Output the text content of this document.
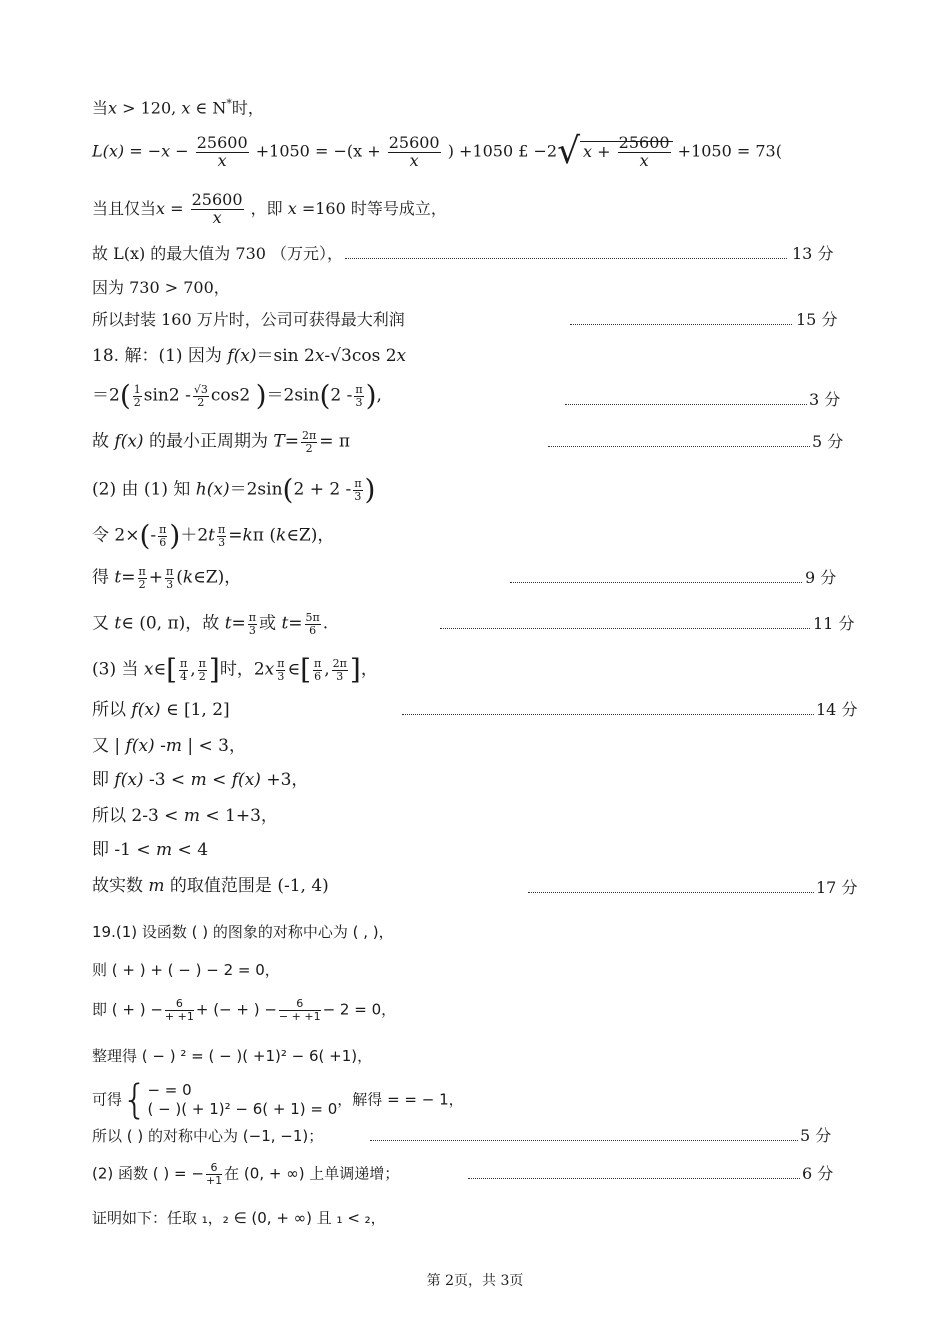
当x > 120, x ∈ N*时，
$L(x) = -x - \frac{25600}{x} +1050 = -(x + \frac{25600}{x}$ ) +1050 £ −2√ $x + \frac{25600}{x} +1050 = 73$(
当且仅当$x = \frac{25600}{x}$ ，即 x =160 时等号成立，
故 L(x) 的最大值为 730 （万元），	13 分
因为 730 > 700，
所以封装 160 万片时，公司可获得最大利润	15 分
18. 解：(1) 因为 f(x)＝sin 2x-√3cos 2x
$=2( \frac{1}{2} \sin 2 - \frac{√3}{2} \cos 2$ )$=2\sin(2 - \frac{\pi}{3}$ ),	3 分
故 f(x) 的最小正周期为 $T= \frac{2\pi}{2} = \pi$	5 分
(2) 由 (1) 知 $h(x)=2\sin(2 + 2 - \frac{\pi}{3}$ )
令 $2\times(- \frac{\pi}{6} )+2t \frac{\pi}{3} =k\pi$ (k∈Z)，
得 $t= \frac{\pi}{2} + \frac{\pi}{3}$ (k∈Z)，	9 分
又 t∈ (0, π)，故 $t= \frac{\pi}{3}$ 或 $t= \frac{5\pi}{6}$ .	11 分
(3) 当 x∈[ $\frac{\pi}{4}$ , $\frac{\pi}{2}$ ]时，$2x \frac{\pi}{3}$ ∈[ $\frac{\pi}{6}$ , $\frac{2\pi}{3}$ ]，
所以 f(x) ∈ [1, 2]	14 分
又 | f(x) -m | < 3，
即 f(x) -3 < m < f(x) +3，
所以 2-3 < m < 1+3，
即 -1 < m < 4
故实数 m 的取值范围是 (-1, 4)	17 分
19.(1) 设函数 ( ) 的图象的对称中心为 ( , )，
则 ( + ) + ( − ) − 2 = 0，
即 ( + ) − $\frac{6}{+ +1}$ + (− + ) − $\frac{6}{- + +1} - 2 = 0$，
整理得 ( − ) ² = ( − )( +1)² − 6( +1)，
可得{ − = 0
( − )( + 1)² − 6( + 1) = 0
，解得 = = − 1，
所以 ( ) 的对称中心为 (−1, −1)；	5 分
(2) 函数 ( ) = − $\frac{6}{+1}$ 在 (0, + ∞) 上单调递增；	6 分
证明如下：任取 ₁，₂ ∈ (0, + ∞) 且 ₁ < ₂，
第 2页，共 3页
